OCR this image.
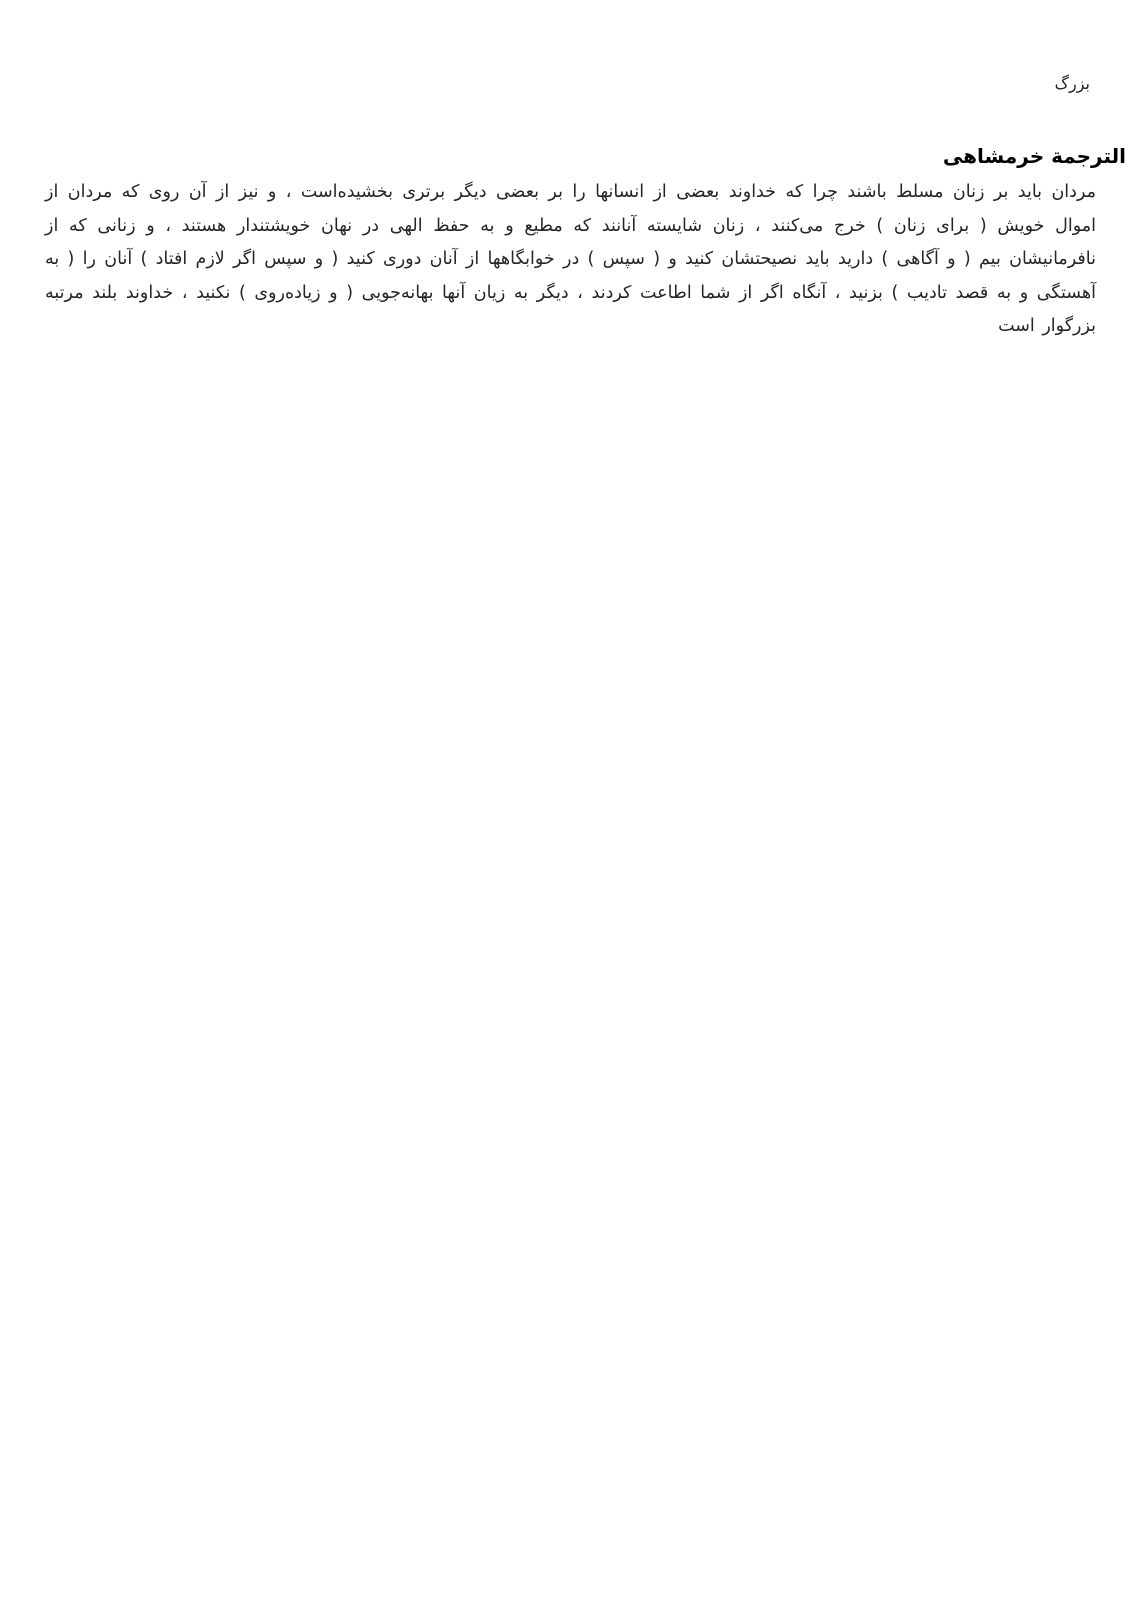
بزرگ
الترجمة خرمشاهی

مردان باید بر زنان مسلط باشند چرا که خداوند بعضی از انسانها را بر بعضی دیگر برتری بخشیده‌است ، و نیز از آن روی که مردان از اموال خویش ( برای زنان ) خرج می‌کنند ، زنان شایسته آنانند که مطیع و به حفظ الهی در نهان خویشتندار هستند ، و زنانی که از نافرمانیشان بیم ( و آگاهی ) دارید باید نصیحتشان کنید و ( سپس ) در خوابگاهها از آنان دوری کنید ( و سپس اگر لازم افتاد ) آنان را ( به آهستگی و به قصد تادیب ) بزنید ، آنگاه اگر از شما اطاعت کردند ، دیگر به زیان آنها بهانه‌جویی ( و زیاده‌روی ) نکنید ، خداوند بلند مرتبه بزرگوار است
